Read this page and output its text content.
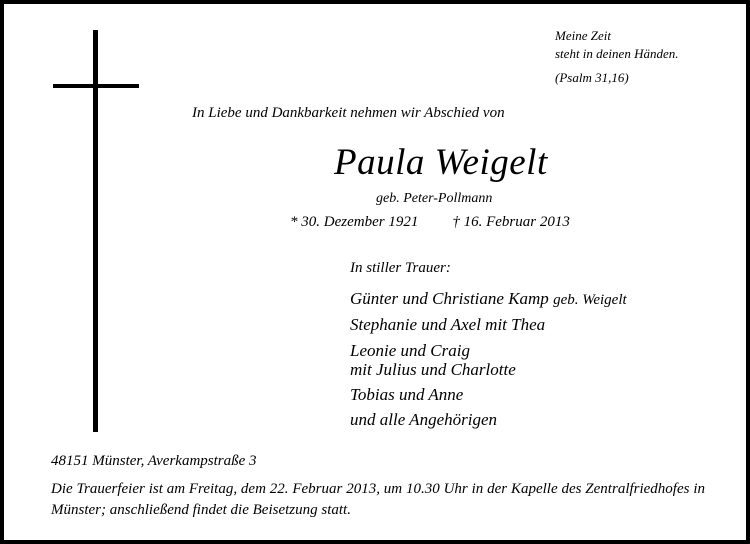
Meine Zeit
steht in deinen Händen.
(Psalm 31,16)
In Liebe und Dankbarkeit nehmen wir Abschied von
Paula Weigelt
geb. Peter-Pollmann
* 30. Dezember 1921 † 16. Februar 2013
In stiller Trauer:
Günter und Christiane Kamp geb. Weigelt
Stephanie und Axel mit Thea
Leonie und Craig
mit Julius und Charlotte
Tobias und Anne
und alle Angehörigen
48151 Münster, Averkampstraße 3
Die Trauerfeier ist am Freitag, dem 22. Februar 2013, um 10.30 Uhr in der Kapelle des Zentralfriedhofes in Münster; anschließend findet die Beisetzung statt.
